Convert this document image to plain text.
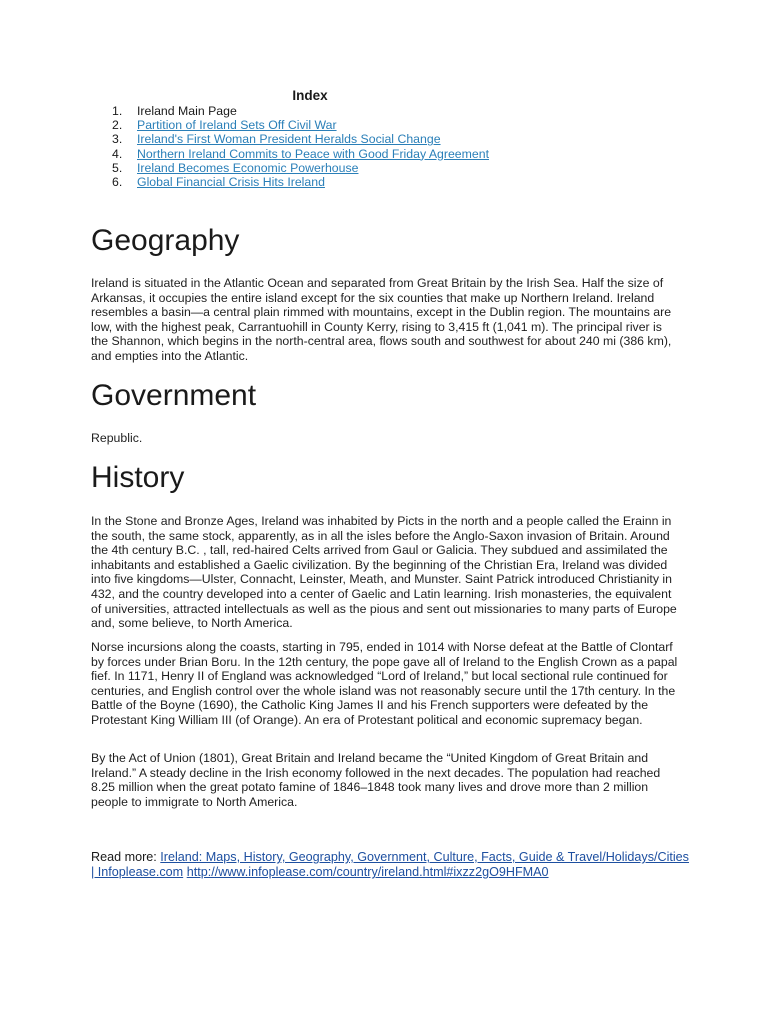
Index
1.	Ireland Main Page
2.	Partition of Ireland Sets Off Civil War
3.	Ireland's First Woman President Heralds Social Change
4.	Northern Ireland Commits to Peace with Good Friday Agreement
5.	Ireland Becomes Economic Powerhouse
6.	Global Financial Crisis Hits Ireland
Geography

Ireland is situated in the Atlantic Ocean and separated from Great Britain by the Irish Sea. Half the size of Arkansas, it occupies the entire island except for the six counties that make up Northern Ireland. Ireland resembles a basin—a central plain rimmed with mountains, except in the Dublin region. The mountains are low, with the highest peak, Carrantuohill in County Kerry, rising to 3,415 ft (1,041 m). The principal river is the Shannon, which begins in the north-central area, flows south and southwest for about 240 mi (386 km), and empties into the Atlantic.

Government

Republic.

History

In the Stone and Bronze Ages, Ireland was inhabited by Picts in the north and a people called the Erainn in the south, the same stock, apparently, as in all the isles before the Anglo-Saxon invasion of Britain. Around the 4th century B.C. , tall, red-haired Celts arrived from Gaul or Galicia. They subdued and assimilated the inhabitants and established a Gaelic civilization. By the beginning of the Christian Era, Ireland was divided into five kingdoms—Ulster, Connacht, Leinster, Meath, and Munster. Saint Patrick introduced Christianity in 432, and the country developed into a center of Gaelic and Latin learning. Irish monasteries, the equivalent of universities, attracted intellectuals as well as the pious and sent out missionaries to many parts of Europe and, some believe, to North America.

Norse incursions along the coasts, starting in 795, ended in 1014 with Norse defeat at the Battle of Clontarf by forces under Brian Boru. In the 12th century, the pope gave all of Ireland to the English Crown as a papal fief. In 1171, Henry II of England was acknowledged “Lord of Ireland,” but local sectional rule continued for centuries, and English control over the whole island was not reasonably secure until the 17th century. In the Battle of the Boyne (1690), the Catholic King James II and his French supporters were defeated by the Protestant King William III (of Orange). An era of Protestant political and economic supremacy began.

By the Act of Union (1801), Great Britain and Ireland became the “United Kingdom of Great Britain and Ireland.” A steady decline in the Irish economy followed in the next decades. The population had reached 8.25 million when the great potato famine of 1846–1848 took many lives and drove more than 2 million people to immigrate to North America.

Read more: Ireland: Maps, History, Geography, Government, Culture, Facts, Guide & Travel/Holidays/Cities | Infoplease.com http://www.infoplease.com/country/ireland.html#ixzz2gO9HFMA0
